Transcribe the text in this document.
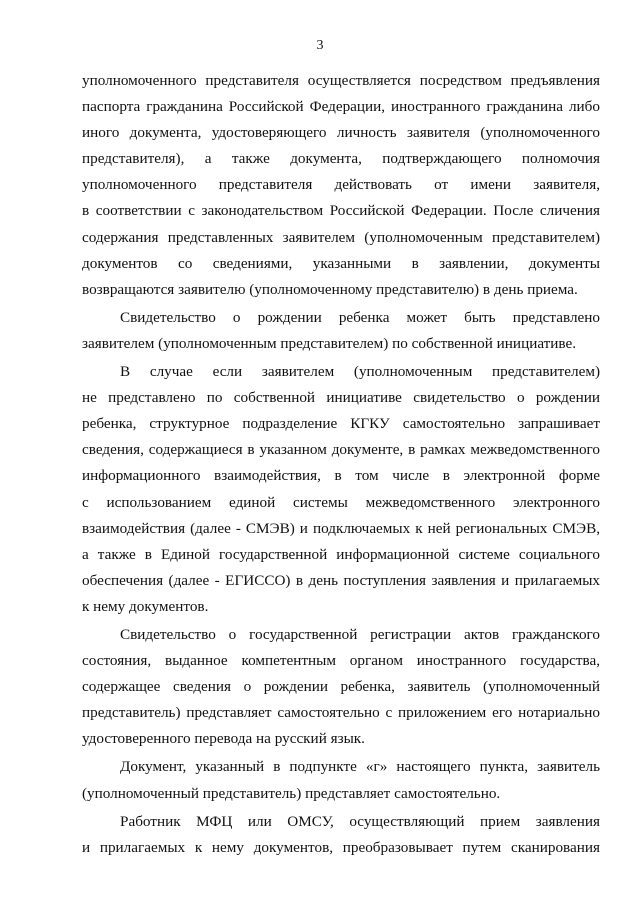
3
уполномоченного представителя осуществляется посредством предъявления
паспорта гражданина Российской Федерации, иностранного гражданина либо
иного документа, удостоверяющего личность заявителя (уполномоченного
представителя), а также документа, подтверждающего полномочия
уполномоченного представителя действовать от имени заявителя,
в соответствии с законодательством Российской Федерации. После сличения
содержания представленных заявителем (уполномоченным представителем)
документов со сведениями, указанными в заявлении, документы
возвращаются заявителю (уполномоченному представителю) в день приема.
Свидетельство о рождении ребенка может быть представлено
заявителем (уполномоченным представителем) по собственной инициативе.
В случае если заявителем (уполномоченным представителем)
не представлено по собственной инициативе свидетельство о рождении
ребенка, структурное подразделение КГКУ самостоятельно запрашивает
сведения, содержащиеся в указанном документе, в рамках межведомственного
информационного взаимодействия, в том числе в электронной форме
с использованием единой системы межведомственного электронного
взаимодействия (далее - СМЭВ) и подключаемых к ней региональных СМЭВ,
а также в Единой государственной информационной системе социального
обеспечения (далее - ЕГИССО) в день поступления заявления и прилагаемых
к нему документов.
Свидетельство о государственной регистрации актов гражданского
состояния, выданное компетентным органом иностранного государства,
содержащее сведения о рождении ребенка, заявитель (уполномоченный
представитель) представляет самостоятельно с приложением его нотариально
удостоверенного перевода на русский язык.
Документ, указанный в подпункте «г» настоящего пункта, заявитель
(уполномоченный представитель) представляет самостоятельно.
Работник МФЦ или ОМСУ, осуществляющий прием заявления
и прилагаемых к нему документов, преобразовывает путем сканирования
